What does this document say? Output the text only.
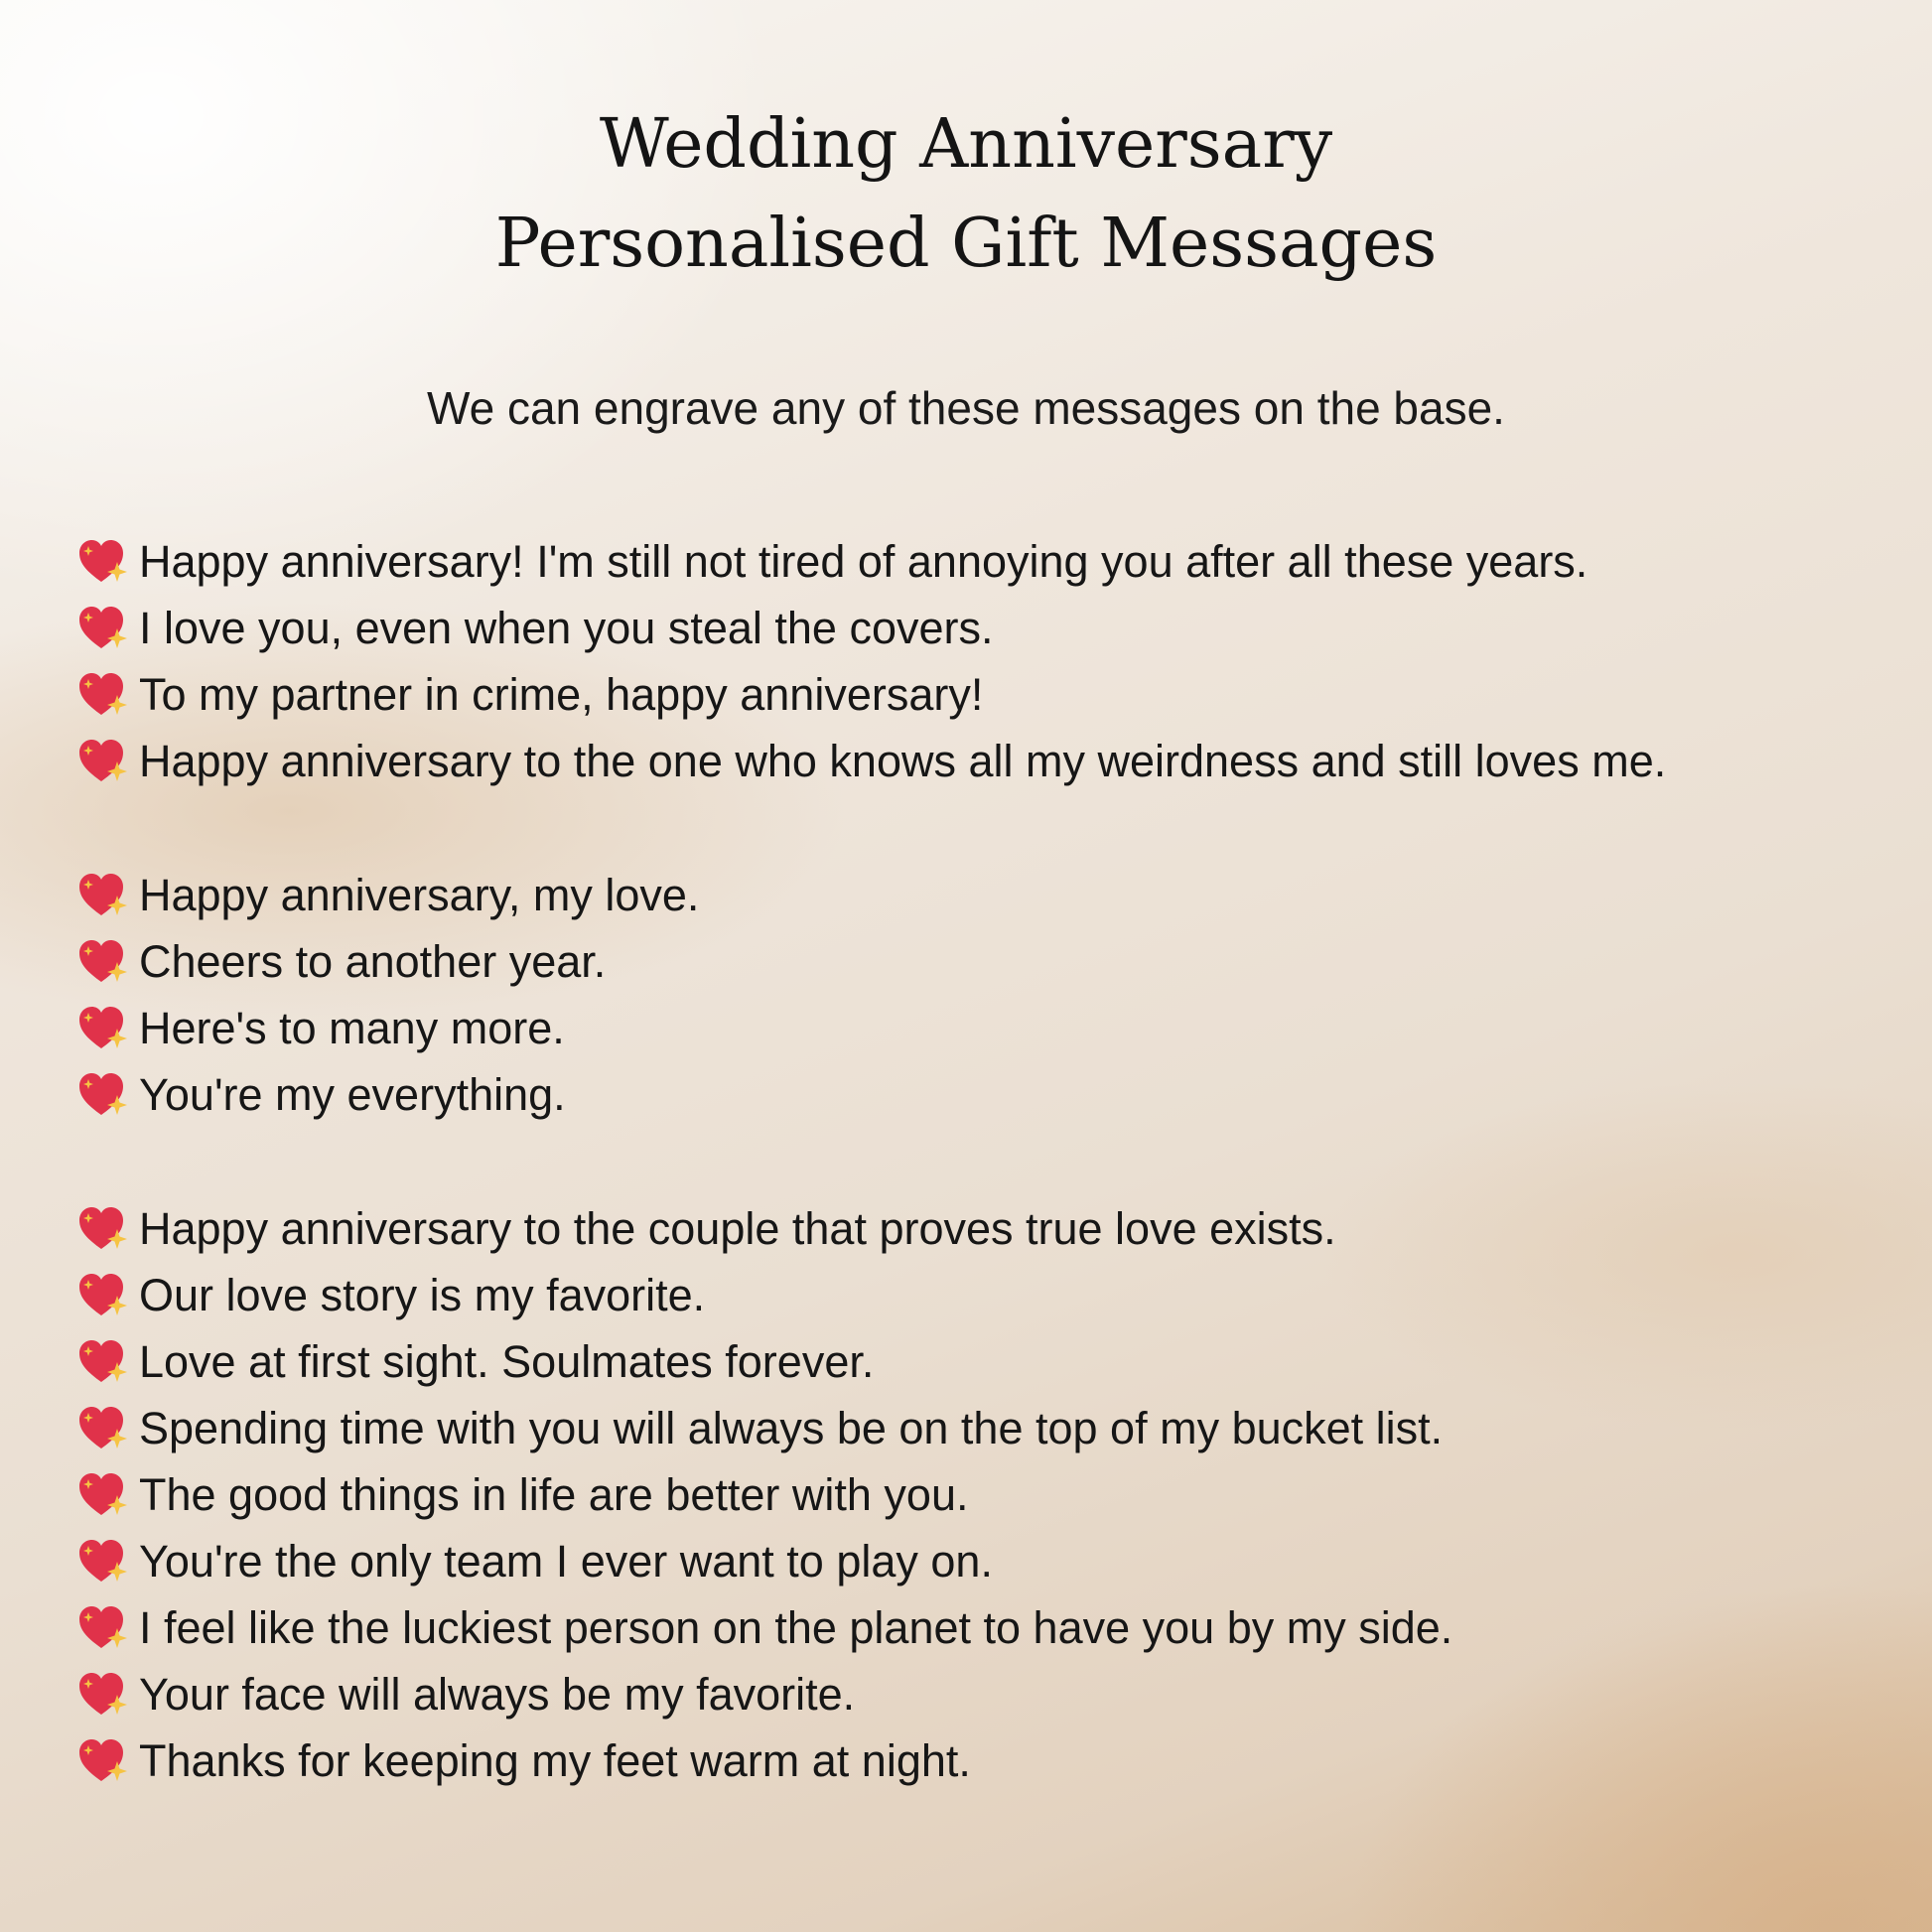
Wedding Anniversary
Personalised Gift Messages

We can engrave any of these messages on the base.

Happy anniversary! I'm still not tired of annoying you after all these years.
I love you, even when you steal the covers.
To my partner in crime, happy anniversary!
Happy anniversary to the one who knows all my weirdness and still loves me.
Happy anniversary, my love.
Cheers to another year.
Here's to many more.
You're my everything.
Happy anniversary to the couple that proves true love exists.
Our love story is my favorite.
Love at first sight. Soulmates forever.
Spending time with you will always be on the top of my bucket list.
The good things in life are better with you.
You're the only team I ever want to play on.
I feel like the luckiest person on the planet to have you by my side.
Your face will always be my favorite.
Thanks for keeping my feet warm at night.
